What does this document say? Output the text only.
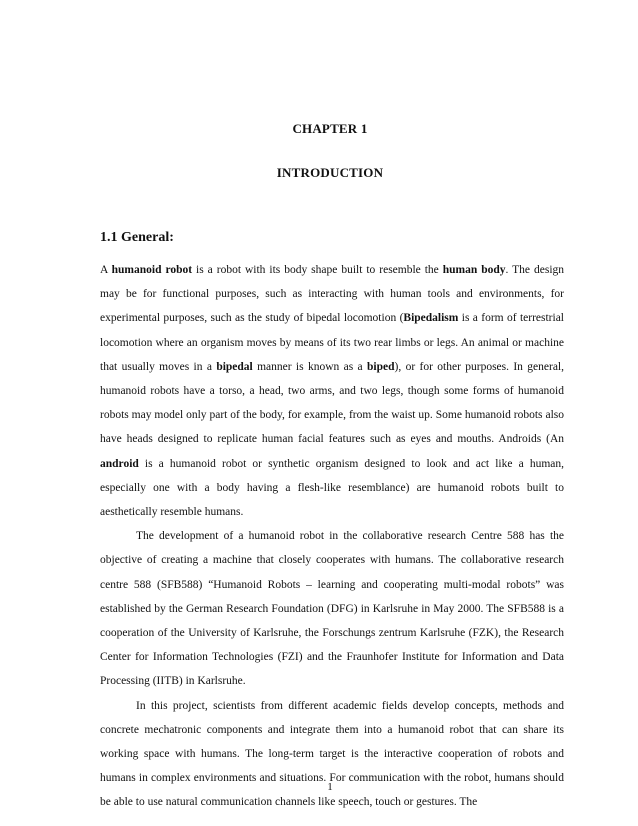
CHAPTER 1
INTRODUCTION
1.1 General:

A humanoid robot is a robot with its body shape built to resemble the human body. The design may be for functional purposes, such as interacting with human tools and environments, for experimental purposes, such as the study of bipedal locomotion (Bipedalism is a form of terrestrial locomotion where an organism moves by means of its two rear limbs or legs. An animal or machine that usually moves in a bipedal manner is known as a biped), or for other purposes. In general, humanoid robots have a torso, a head, two arms, and two legs, though some forms of humanoid robots may model only part of the body, for example, from the waist up. Some humanoid robots also have heads designed to replicate human facial features such as eyes and mouths. Androids (An android is a humanoid robot or synthetic organism designed to look and act like a human, especially one with a body having a flesh-like resemblance) are humanoid robots built to aesthetically resemble humans.

The development of a humanoid robot in the collaborative research Centre 588 has the objective of creating a machine that closely cooperates with humans. The collaborative research centre 588 (SFB588) “Humanoid Robots – learning and cooperating multi-modal robots” was established by the German Research Foundation (DFG) in Karlsruhe in May 2000. The SFB588 is a cooperation of the University of Karlsruhe, the Forschungs zentrum Karlsruhe (FZK), the Research Center for Information Technologies (FZI) and the Fraunhofer Institute for Information and Data Processing (IITB) in Karlsruhe.

In this project, scientists from different academic fields develop concepts, methods and concrete mechatronic components and integrate them into a humanoid robot that can share its working space with humans. The long-term target is the interactive cooperation of robots and humans in complex environments and situations. For communication with the robot, humans should be able to use natural communication channels like speech, touch or gestures. The

1
